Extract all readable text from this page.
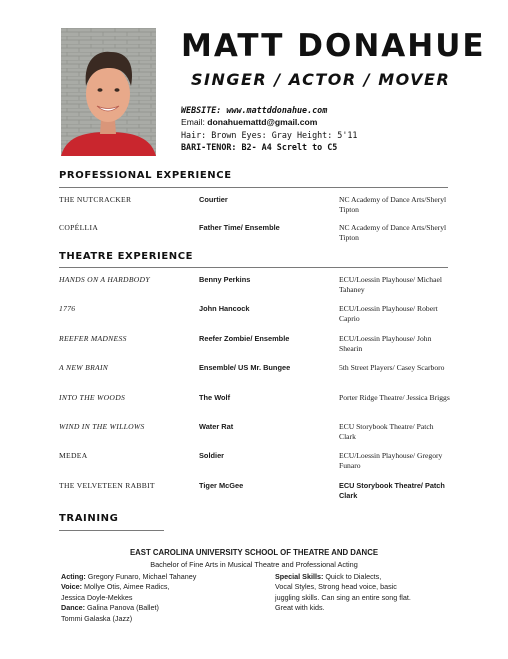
MATT DONAHUE
SINGER / ACTOR / MOVER
WEBSITE: www.mattddonahue.com
Email: donahuemattd@gmail.com
Hair: Brown Eyes: Gray Height: 5'11
BARI-TENOR: B2- A4 Screlt to C5
PROFESSIONAL EXPERIENCE
THE NUTCRACKER	Courtier	NC Academy of Dance Arts/Sheryl Tipton
COPÉLLIA	Father Time/ Ensemble	NC Academy of Dance Arts/Sheryl Tipton
THEATRE EXPERIENCE
HANDS ON A HARDBODY	Benny Perkins	ECU/Loessin Playhouse/ Michael Tahaney
1776	John Hancock	ECU/Loessin Playhouse/ Robert Caprio
REEFER MADNESS	Reefer Zombie/ Ensemble	ECU/Loessin Playhouse/ John Shearin
A NEW BRAIN	Ensemble/ US Mr. Bungee	5th Street Players/ Casey Scarboro
INTO THE WOODS	The Wolf	Porter Ridge Theatre/ Jessica Briggs
WIND IN THE WILLOWS	Water Rat	ECU Storybook Theatre/ Patch Clark
MEDEA	Soldier	ECU/Loessin Playhouse/ Gregory Funaro
THE VELVETEEN RABBIT	Tiger McGee	ECU Storybook Theatre/ Patch Clark
TRAINING
EAST CAROLINA UNIVERSITY SCHOOL OF THEATRE AND DANCE
Bachelor of Fine Arts in Musical Theatre and Professional Acting
Acting: Gregory Funaro, Michael Tahaney
Voice: Mollye Otis, Aimee Radics,
Jessica Doyle-Mekkes
Dance: Galina Panova (Ballet)
Tommi Galaska (Jazz)
Special Skills: Quick to Dialects,
Vocal Styles, Strong head voice, basic
juggling skills. Can sing an entire song flat.
Great with kids.
